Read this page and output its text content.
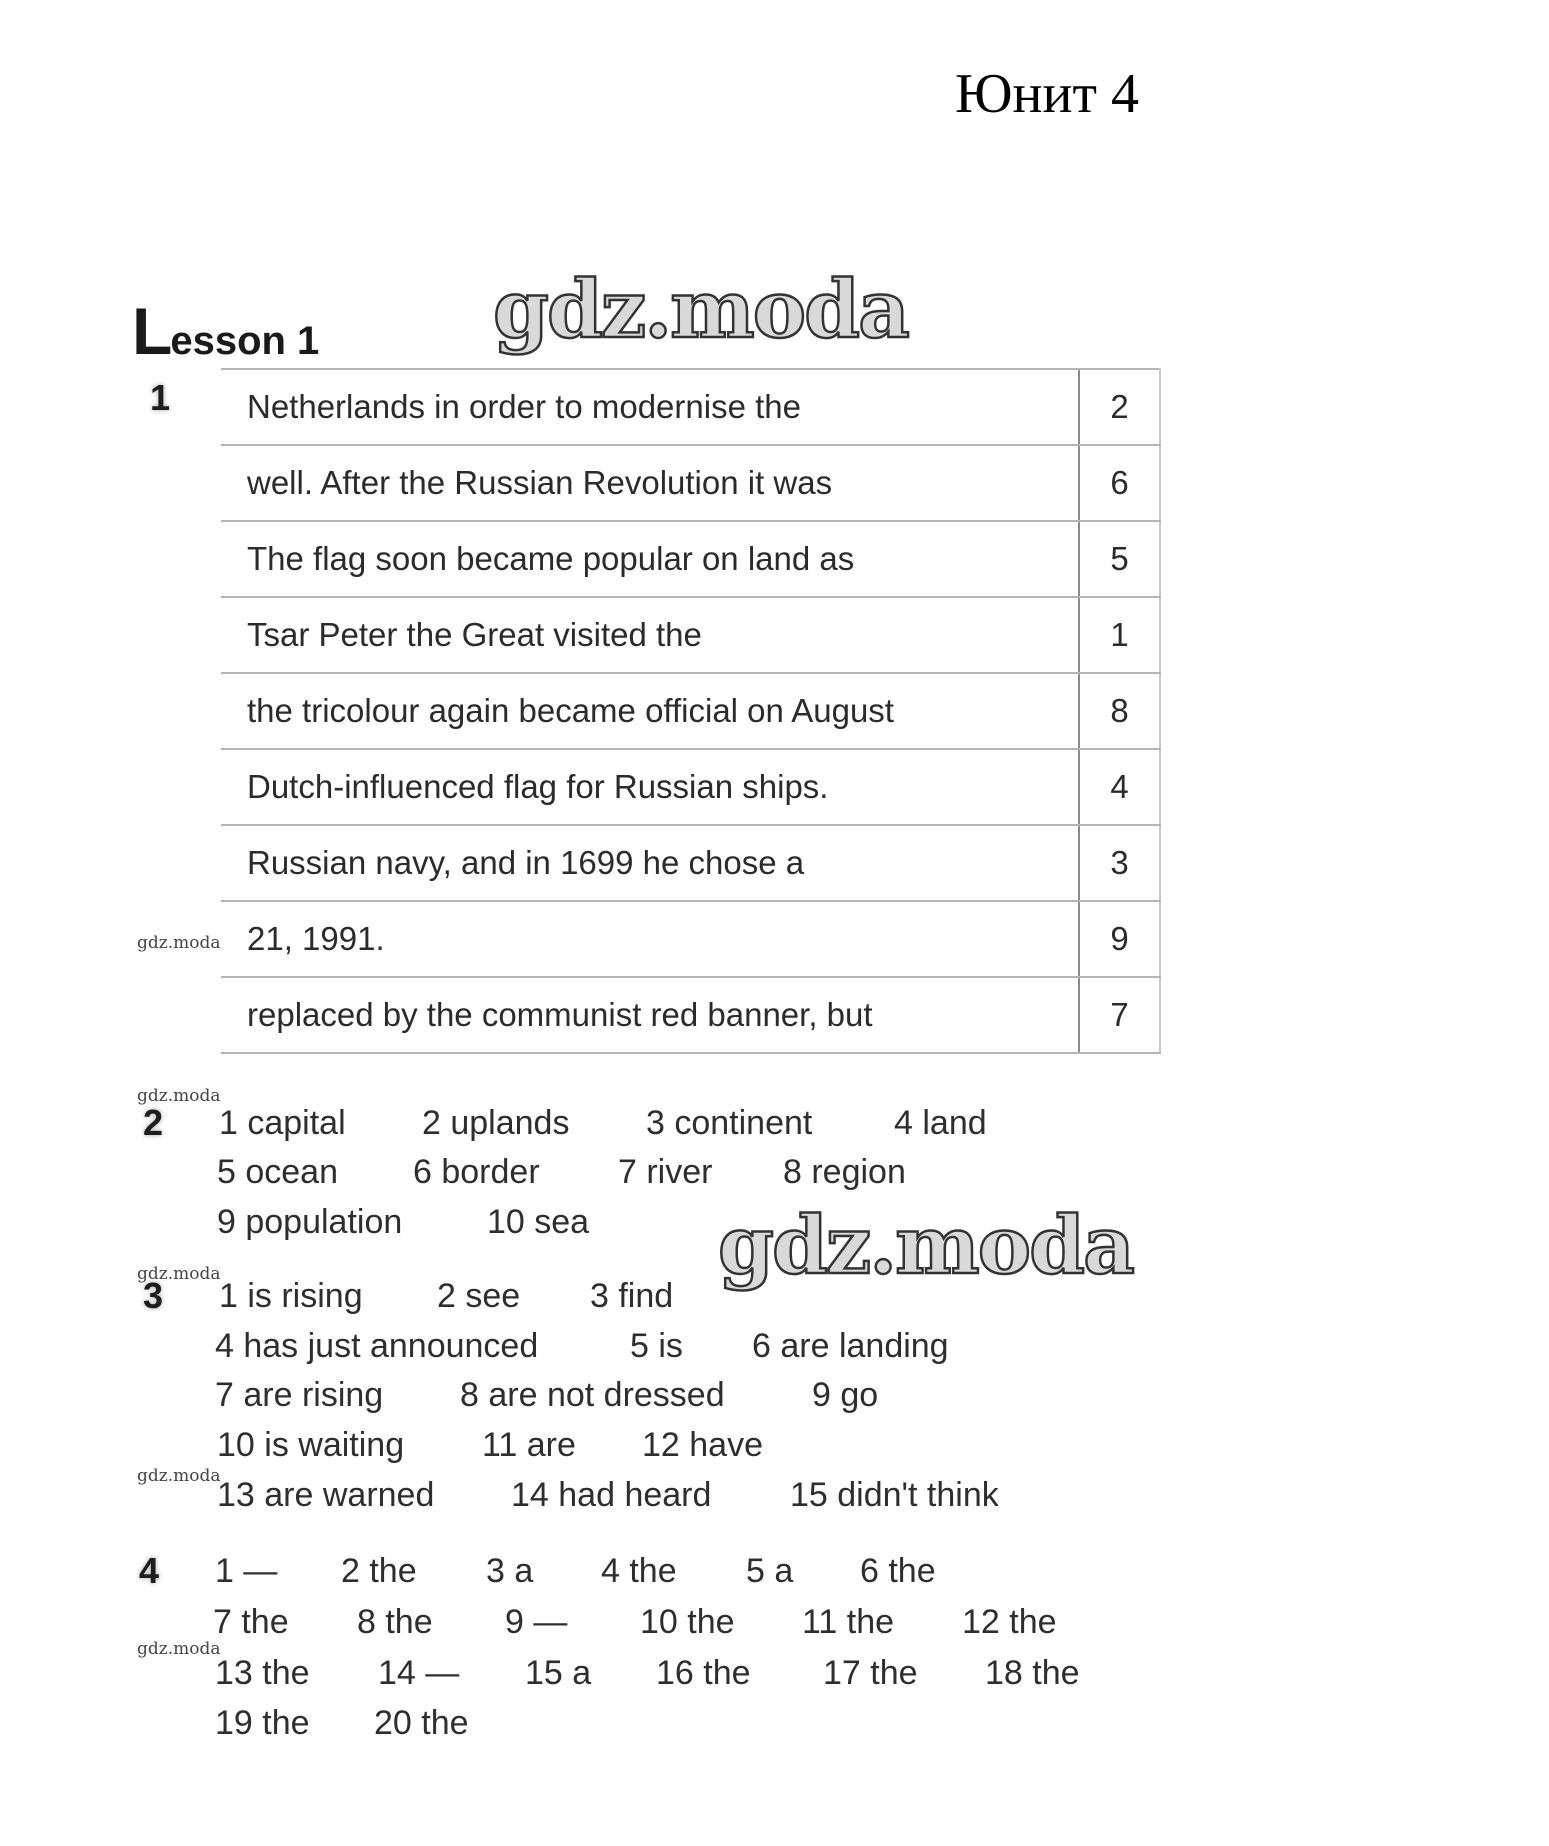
Юнит 4
Lesson 1 gdz.moda
gdz.moda
gdz.moda
gdz.moda
gdz.moda
gdz.moda
gdz.moda
1 Netherlands in order to modernise the	2
well. After the Russian Revolution it was	6
The flag soon became popular on land as	5
Tsar Peter the Great visited the	1
the tricolour again became official on August	8
Dutch-influenced flag for Russian ships.	4
Russian navy, and in 1699 he chose a	3
21, 1991.	9
replaced by the communist red banner, but	7
2 1 capital 2 uplands 3 continent 4 land
5 ocean 6 border 7 river 8 region
9 population 10 sea
3 1 is rising 2 see 3 find
4 has just announced	5 is 6 are landing
7 are rising 8 are not dressed	9 go
10 is waiting 11 are 12 have
13 are warned 14 had heard 15 didn't think
4 1 — 2 the 3 a 4 the 5 a 6 the
7 the 8 the 9 — 10 the 11 the 12 the
13 the 14 — 15 a 16 the 17 the 18 the
19 the 20 the
